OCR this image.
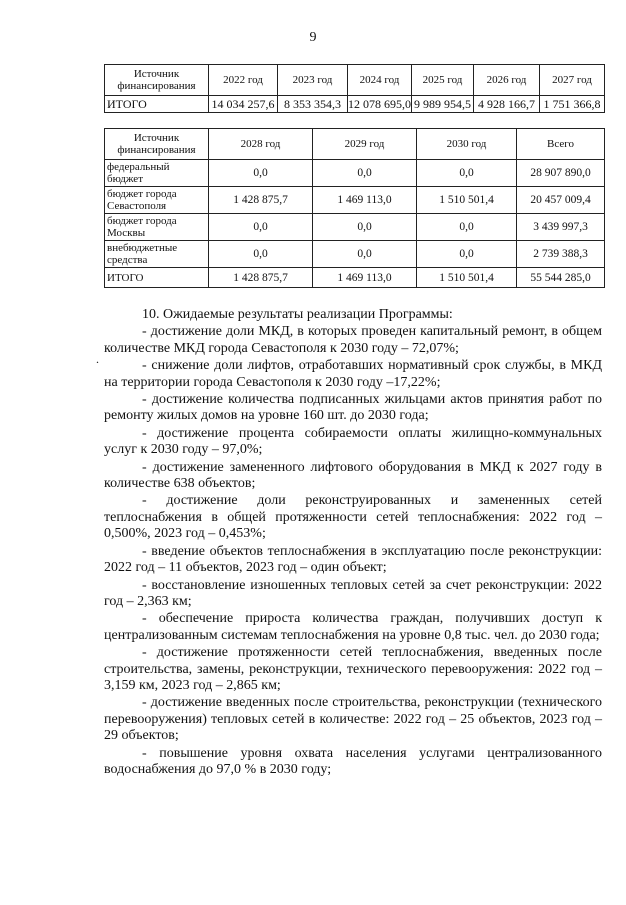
9
Источник финансирования	2022 год	2023 год	2024 год	2025 год	2026 год	2027 год
ИТОГО	14 034 257,6	8 353 354,3	12 078 695,0	9 989 954,5	4 928 166,7	1 751 366,8
Источник финансирования	2028 год	2029 год	2030 год	Всего
федеральный бюджет	0,0	0,0	0,0	28 907 890,0
бюджет города Севастополя	1 428 875,7	1 469 113,0	1 510 501,4	20 457 009,4
бюджет города Москвы	0,0	0,0	0,0	3 439 997,3
внебюджетные средства	0,0	0,0	0,0	2 739 388,3
ИТОГО	1 428 875,7	1 469 113,0	1 510 501,4	55 544 285,0
.

10. Ожидаемые результаты реализации Программы:

- достижение доли МКД, в которых проведен капитальный ремонт, в общем количестве МКД города Севастополя к 2030 году – 72,07%;

- снижение доли лифтов, отработавших нормативный срок службы, в МКД на территории города Севастополя к 2030 году –17,22%;

- достижение количества подписанных жильцами актов принятия работ по ремонту жилых домов на уровне 160 шт. до 2030 года;

- достижение процента собираемости оплаты жилищно-коммунальных услуг к 2030 году – 97,0%;

- достижение замененного лифтового оборудования в МКД к 2027 году в количестве 638 объектов;

- достижение доли реконструированных и замененных сетей теплоснабжения в общей протяженности сетей теплоснабжения: 2022 год – 0,500%, 2023 год – 0,453%;

- введение объектов теплоснабжения в эксплуатацию после реконструкции: 2022 год – 11 объектов, 2023 год – один объект;

- восстановление изношенных тепловых сетей за счет реконструкции: 2022 год – 2,363 км;

- обеспечение прироста количества граждан, получивших доступ к централизованным системам теплоснабжения на уровне 0,8 тыс. чел. до 2030 года;

- достижение протяженности сетей теплоснабжения, введенных после строительства, замены, реконструкции, технического перевооружения: 2022 год – 3,159 км, 2023 год – 2,865 км;

- достижение введенных после строительства, реконструкции (технического перевооружения) тепловых сетей в количестве: 2022 год – 25 объектов, 2023 год – 29 объектов;

- повышение уровня охвата населения услугами централизованного водоснабжения до 97,0 % в 2030 году;
